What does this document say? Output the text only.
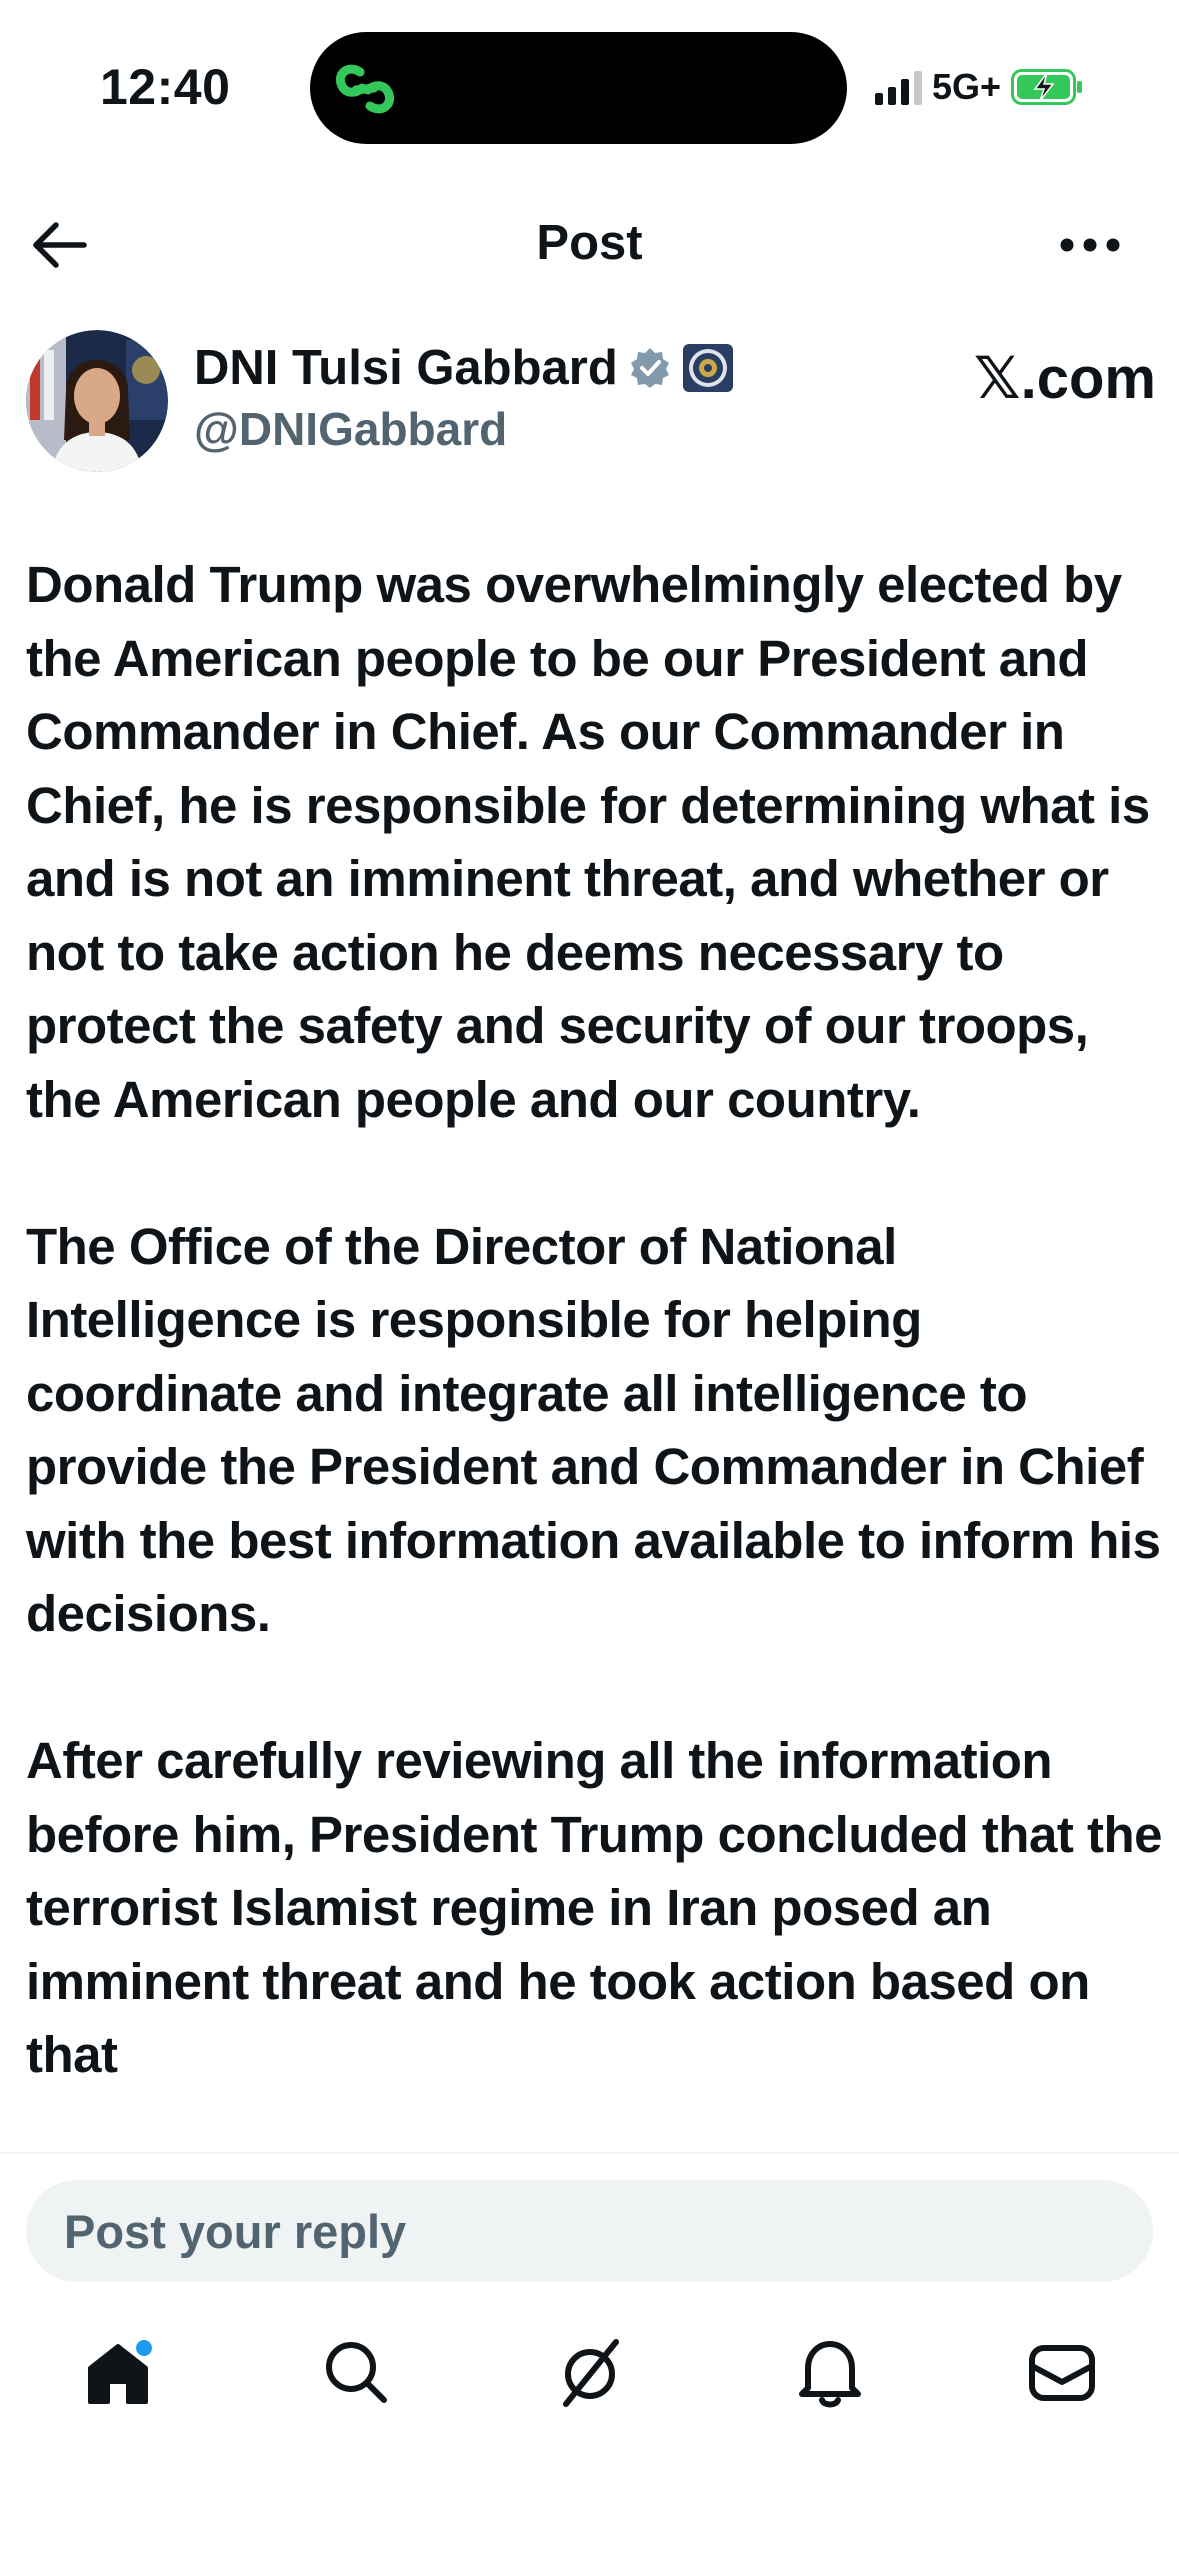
12:40	5G+
Post
DNI Tulsi Gabbard
@DNIGabbard
𝕏.com

Donald Trump was overwhelmingly elected by the American people to be our President and Commander in Chief. As our Commander in Chief, he is responsible for determining what is and is not an imminent threat, and whether or not to take action he deems necessary to protect the safety and security of our troops, the American people and our country.

The Office of the Director of National Intelligence is responsible for helping coordinate and integrate all intelligence to provide the President and Commander in Chief with the best information available to inform his decisions.

After carefully reviewing all the information before him, President Trump concluded that the terrorist Islamist regime in Iran posed an imminent threat and he took action based on that

Post your reply
